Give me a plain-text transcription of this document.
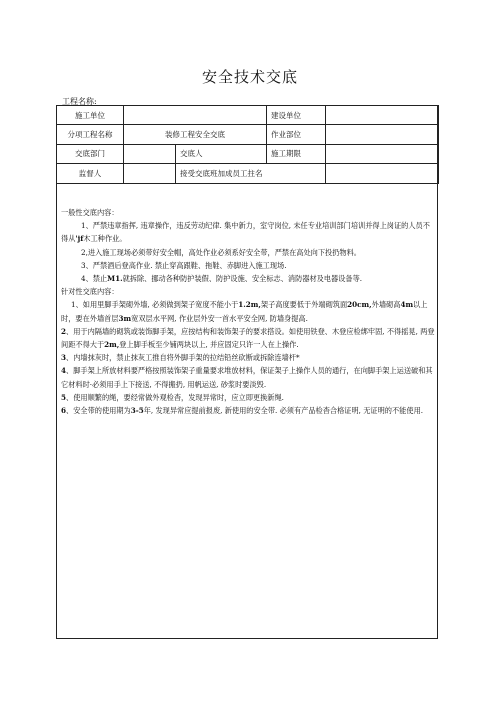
安全技术交底
工程名称:
施工单位			建设单位	
分项工程名称	装修工程安全交底		作业部位	
交底部门		交底人	施工期限	
监督人		接受交底班加成员工拄名		

一般性交底内容：

1、严禁违章指挥, 违章操作，违反劳动纪律. 集中新力，室守岗位, 未任专业培训部门培训并得上岗证的人员不得从'jf木工种作业。

2,进入施工现场必须带好安全帽，高处作业必须系好安全带，严禁在高处向下投扔物料。

3、严禁酒后登高作业. 禁止穿高跟鞋、拖鞋、赤脚进入施工现场.

4、禁止M1.就拆除、挪动各种防护装假、防护设施、安全标志、消防器材及电器设备等.

针对性交底内容：

1、如用里脚手架砌外墙, 必须做到架子宽度不能小于1.2m,架子高度要低于外端砌筑面20cm,外墙砌高4m以上时，要在外墙首层3m宽双层水平网, 作业层外安一首水平安全网, 防墙身提高.

2、用于内隔墙的砌筑或装饰脚手架，应按结构和装饰架子的要求搭设。如使用铁登、木登应检绑牢固, 不得摇晃, 两登间距不得大于2m,登上脚手板至少铺两块以上, 并应固定只许一人在上操作.

3、内墙抹灰时，禁止抹灰工推自将外脚手架的拉结铅丝砍断或拆除连墙杆*

4、脚手架上所放材料要严格按照装饰架子重量要求堆放材料，保证架子上操作人员的通行，在向脚手架上运送破和其它材料时·必须用手上下接送, 不得搬扔, 用帆运送, 砂浆时要淡毁.

5、使用顺繁的绳，要经常做外观检杳，发现异常时，应立即更换新绳.

6、安全带的使用期为3-5年, 发现异常应提前报废, 新使用的安全带. 必须有产品检杳合格证明, 无证明的不能使用.
